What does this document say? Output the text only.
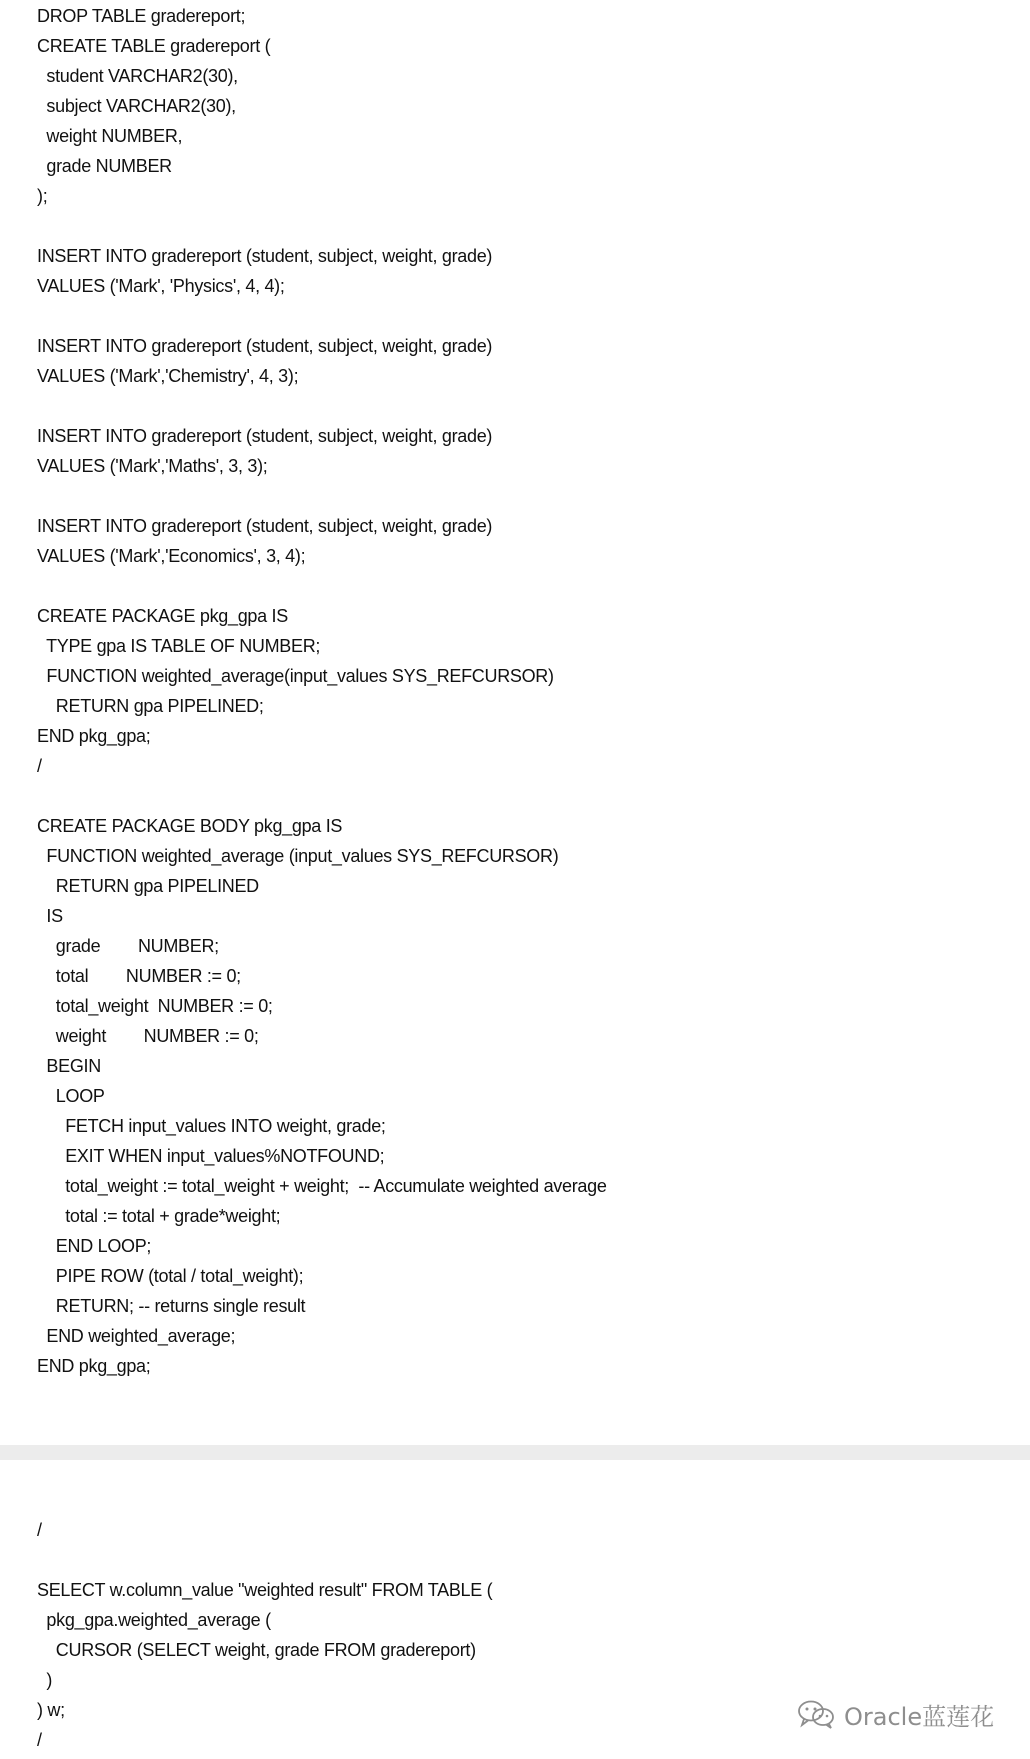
DROP TABLE gradereport;
CREATE TABLE gradereport (
student VARCHAR2(30),
subject VARCHAR2(30),
weight NUMBER,
grade NUMBER
);

INSERT INTO gradereport (student, subject, weight, grade)
VALUES ('Mark', 'Physics', 4, 4);

INSERT INTO gradereport (student, subject, weight, grade)
VALUES ('Mark','Chemistry', 4, 3);

INSERT INTO gradereport (student, subject, weight, grade)
VALUES ('Mark','Maths', 3, 3);

INSERT INTO gradereport (student, subject, weight, grade)
VALUES ('Mark','Economics', 3, 4);

CREATE PACKAGE pkg_gpa IS
TYPE gpa IS TABLE OF NUMBER;
FUNCTION weighted_average(input_values SYS_REFCURSOR)
RETURN gpa PIPELINED;
END pkg_gpa;
/

CREATE PACKAGE BODY pkg_gpa IS
FUNCTION weighted_average (input_values SYS_REFCURSOR)
RETURN gpa PIPELINED
IS
grade        NUMBER;
total        NUMBER := 0;
total_weight  NUMBER := 0;
weight        NUMBER := 0;
BEGIN
LOOP
FETCH input_values INTO weight, grade;
EXIT WHEN input_values%NOTFOUND;
total_weight := total_weight + weight;  -- Accumulate weighted average
total := total + grade*weight;
END LOOP;
PIPE ROW (total / total_weight);
RETURN; -- returns single result
END weighted_average;
END pkg_gpa;
/

SELECT w.column_value "weighted result" FROM TABLE (
pkg_gpa.weighted_average (
CURSOR (SELECT weight, grade FROM gradereport)
)
) w;
/
Oracle蓝莲花
